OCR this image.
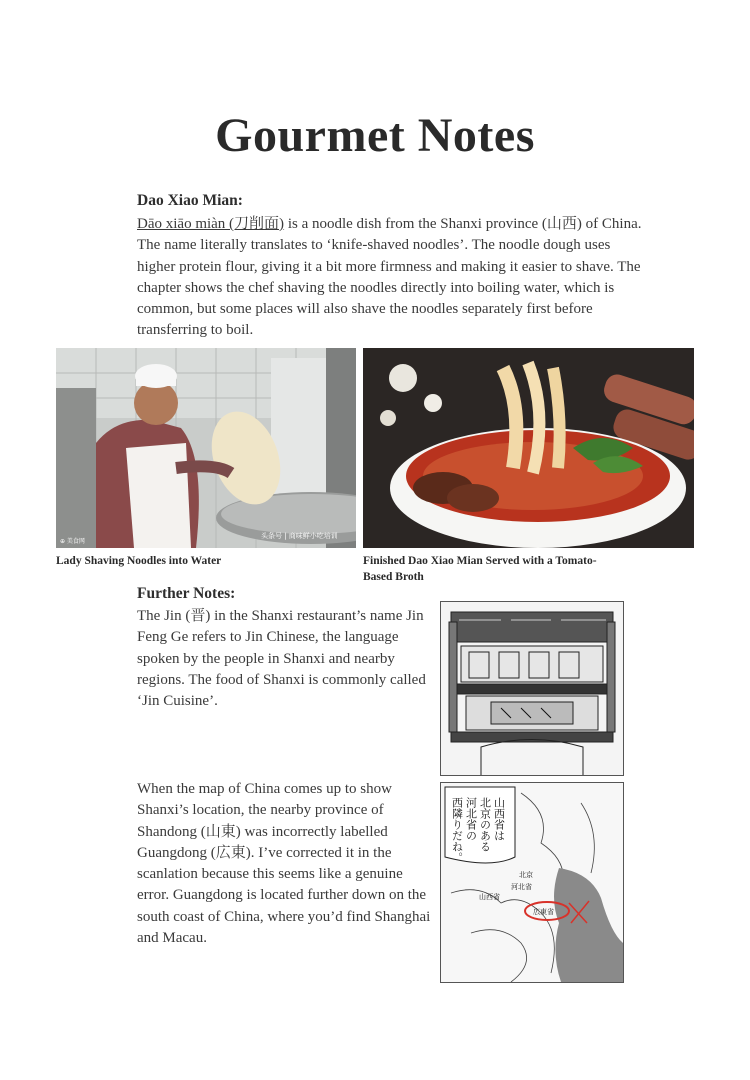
Gourmet Notes
Dao Xiao Mian:

Dāo xiāo miàn (刀削面) is a noodle dish from the Shanxi province (山西) of China. The name literally translates to ‘knife-shaved noodles’. The noodle dough uses higher protein flour, giving it a bit more firmness and making it easier to shave. The chapter shows the chef shaving the noodles directly into boiling water, which is common, but some places will also shave the noodles separately first before transferring to boil.

⊕ 美食网
头条号 | 商味鲜小吃培训
Lady Shaving Noodles into Water	Finished Dao Xiao Mian Served with a Tomato-Based Broth
Further Notes:

The Jin (晋) in the Shanxi restaurant’s name Jin Feng Ge refers to Jin Chinese, the language spoken by the people in Shanxi and nearby regions. The food of Shanxi is commonly called ‘Jin Cuisine’.

When the map of China comes up to show Shanxi’s location, the nearby province of Shandong (山東) was incorrectly labelled Guangdong (広東). I’ve corrected it in the scanlation because this seems like a genuine error. Guangdong is located further down on the south coast of China, where you’d find Shanghai and Macau.

山西省は
北京のある
河北省の
西隣りだね。
北京
河北省
山西省
広東省
